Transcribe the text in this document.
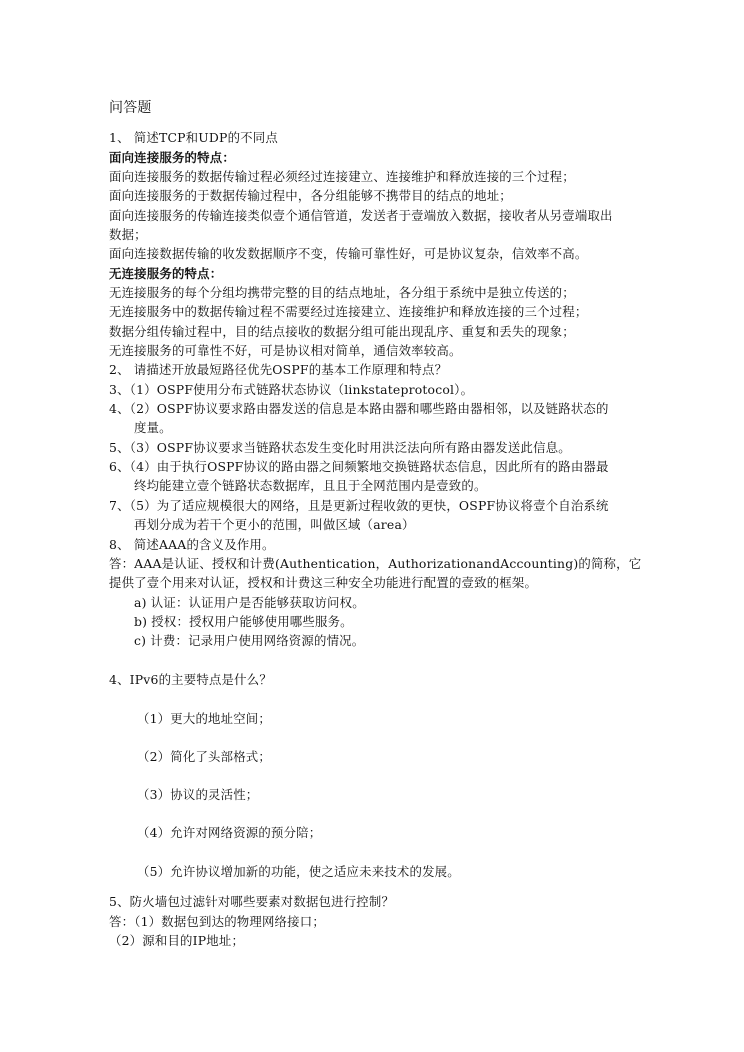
问答题
1、 简述TCP和UDP的不同点
面向连接服务的特点：
面向连接服务的数据传输过程必须经过连接建立、连接维护和释放连接的三个过程；
面向连接服务的于数据传输过程中，各分组能够不携带目的结点的地址；
面向连接服务的传输连接类似壹个通信管道，发送者于壹端放入数据，接收者从另壹端取出
数据；
面向连接数据传输的收发数据顺序不变，传输可靠性好，可是协议复杂，信效率不高。
无连接服务的特点：
无连接服务的每个分组均携带完整的目的结点地址，各分组于系统中是独立传送的；
无连接服务中的数据传输过程不需要经过连接建立、连接维护和释放连接的三个过程；
数据分组传输过程中，目的结点接收的数据分组可能出现乱序、重复和丢失的现象；
无连接服务的可靠性不好，可是协议相对简单，通信效率较高。
2、 请描述开放最短路径优先OSPF的基本工作原理和特点？
3、（1）OSPF使用分布式链路状态协议（linkstateprotocol）。
4、（2）OSPF协议要求路由器发送的信息是本路由器和哪些路由器相邻，以及链路状态的
度量。
5、（3）OSPF协议要求当链路状态发生变化时用洪泛法向所有路由器发送此信息。
6、（4）由于执行OSPF协议的路由器之间频繁地交换链路状态信息，因此所有的路由器最
终均能建立壹个链路状态数据库，且且于全网范围内是壹致的。
7、（5）为了适应规模很大的网络，且是更新过程收敛的更快，OSPF协议将壹个自治系统
再划分成为若干个更小的范围，叫做区域（area）
8、 简述AAA的含义及作用。
答：AAA是认证、授权和计费(Authentication，AuthorizationandAccounting)的简称，它
提供了壹个用来对认证，授权和计费这三种安全功能进行配置的壹致的框架。
a) 认证：认证用户是否能够获取访问权。
b) 授权：授权用户能够使用哪些服务。
c) 计费：记录用户使用网络资源的情况。
4、IPv6的主要特点是什么？
（1）更大的地址空间；
（2）简化了头部格式；
（3）协议的灵活性；
（4）允许对网络资源的预分陪；
（5）允许协议增加新的功能，使之适应未来技术的发展。
5、防火墙包过滤针对哪些要素对数据包进行控制？
答：（1）数据包到达的物理网络接口；
（2）源和目的IP地址；
